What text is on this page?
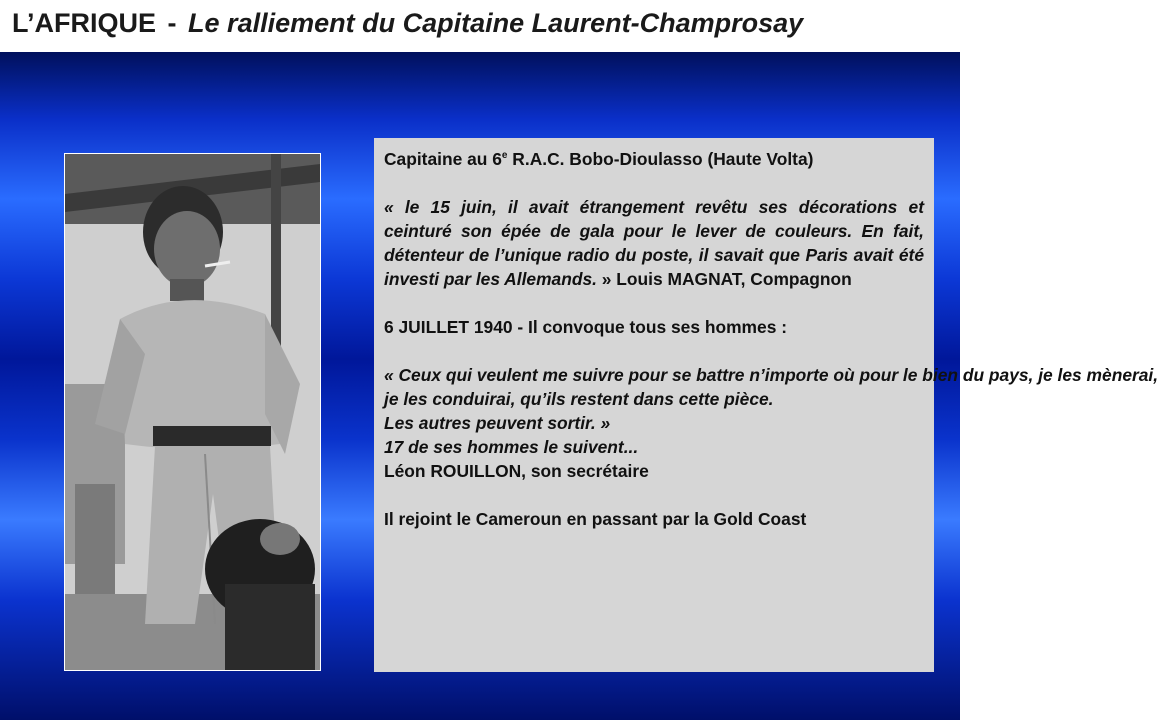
L’AFRIQUE - Le ralliement du Capitaine Laurent-Champrosay

Capitaine au 6e R.A.C. Bobo-Dioulasso (Haute Volta)

« le 15 juin, il avait étrangement revêtu ses décorations et ceinturé son épée de gala pour le lever de couleurs. En fait, détenteur de l’unique radio du poste, il savait que Paris avait été investi par les Allemands. » Louis MAGNAT, Compagnon

6 JUILLET 1940 - Il convoque tous ses hommes :

« Ceux qui veulent me suivre pour se battre n’importe où pour le bien du pays, je les mènerai,
je les conduirai, qu’ils restent dans cette pièce.
Les autres peuvent sortir. »
17 de ses hommes le suivent...
Léon ROUILLON, son secrétaire

Il rejoint le Cameroun en passant par la Gold Coast
